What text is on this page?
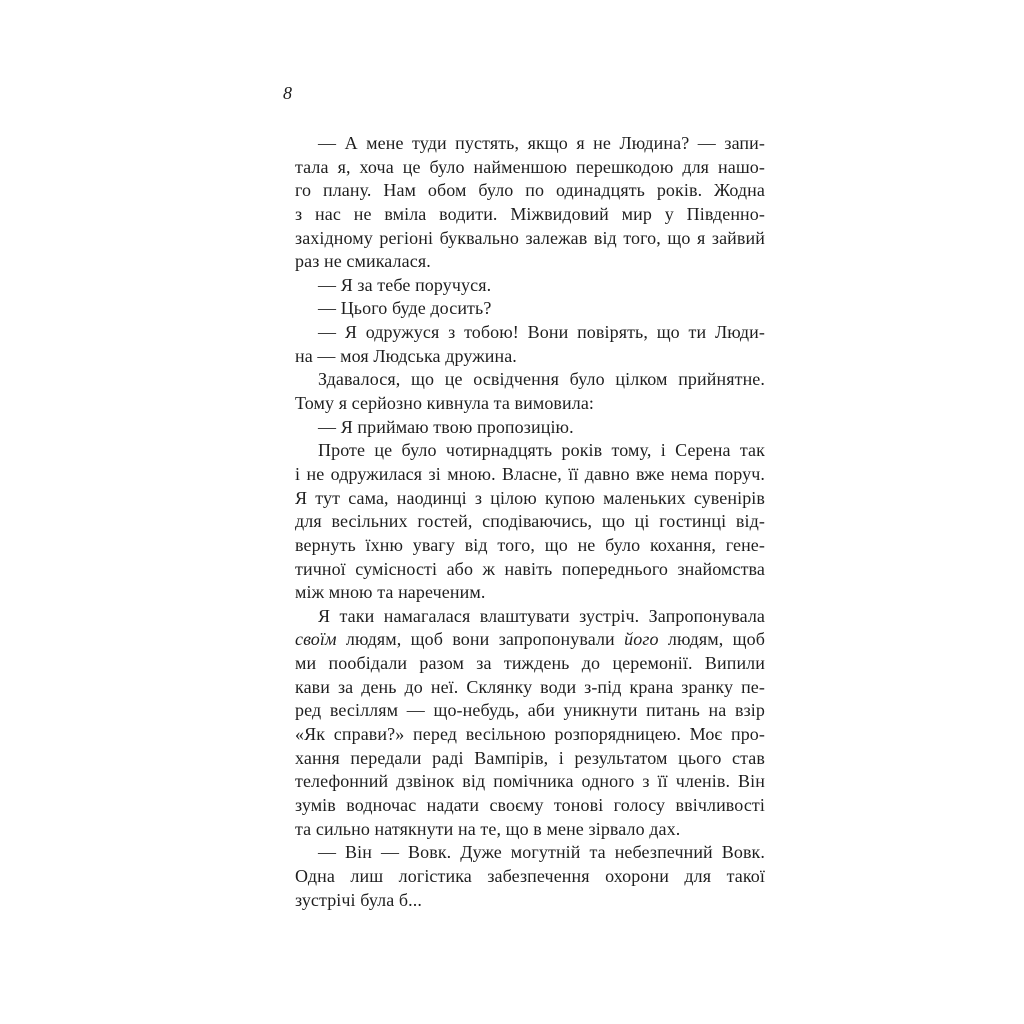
8
— А мене туди пустять, якщо я не Людина? — запи-
тала я, хоча це було найменшою перешкодою для нашо-
го плану. Нам обом було по одинадцять років. Жодна
з нас не вміла водити. Міжвидовий мир у Південно-
західному регіоні буквально залежав від того, що я зайвий
раз не смикалася.
— Я за тебе поручуся.
— Цього буде досить?
— Я одружуся з тобою! Вони повірять, що ти Люди-
на — моя Людська дружина.
Здавалося, що це освідчення було цілком прийнятне.
Тому я серйозно кивнула та вимовила:
— Я приймаю твою пропозицію.
Проте це було чотирнадцять років тому, і Серена так
і не одружилася зі мною. Власне, її давно вже нема поруч.
Я тут сама, наодинці з цілою купою маленьких сувенірів
для весільних гостей, сподіваючись, що ці гостинці від-
вернуть їхню увагу від того, що не було кохання, гене-
тичної сумісності або ж навіть попереднього знайомства
між мною та нареченим.
Я таки намагалася влаштувати зустріч. Запропонувала
своїм людям, щоб вони запропонували його людям, щоб
ми пообідали разом за тиждень до церемонії. Випили
кави за день до неї. Склянку води з-під крана зранку пе-
ред весіллям — що-небудь, аби уникнути питань на взір
«Як справи?» перед весільною розпорядницею. Моє про-
хання передали раді Вампірів, і результатом цього став
телефонний дзвінок від помічника одного з її членів. Він
зумів водночас надати своєму тонові голосу ввічливості
та сильно натякнути на те, що в мене зірвало дах.
— Він — Вовк. Дуже могутній та небезпечний Вовк.
Одна лиш логістика забезпечення охорони для такої
зустрічі була б...
